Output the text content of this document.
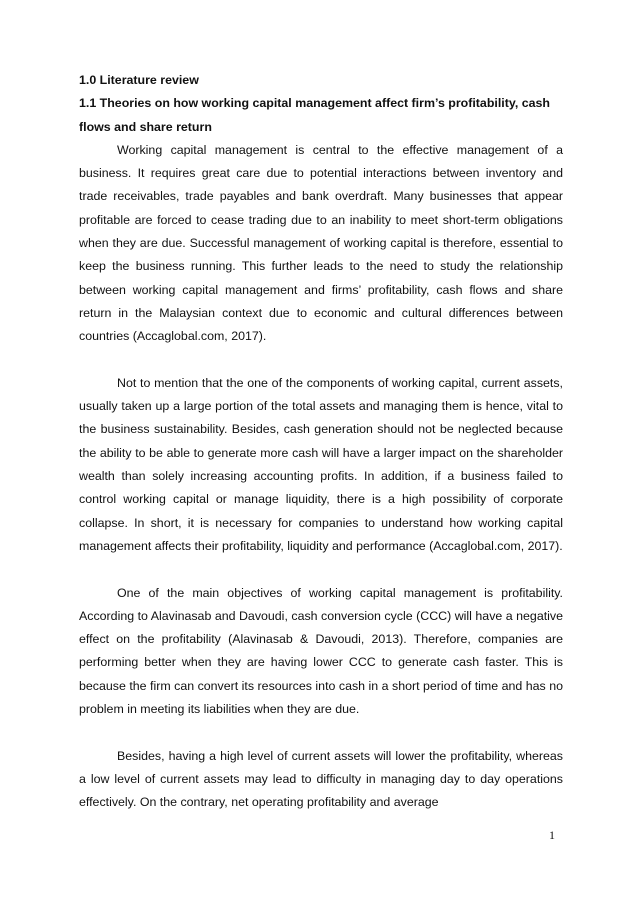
1.0 Literature review

1.1 Theories on how working capital management affect firm’s profitability, cash flows and share return

Working capital management is central to the effective management of a business. It requires great care due to potential interactions between inventory and trade receivables, trade payables and bank overdraft. Many businesses that appear profitable are forced to cease trading due to an inability to meet short-term obligations when they are due. Successful management of working capital is therefore, essential to keep the business running. This further leads to the need to study the relationship between working capital management and firms’ profitability, cash flows and share return in the Malaysian context due to economic and cultural differences between countries (Accaglobal.com, 2017).

Not to mention that the one of the components of working capital, current assets, usually taken up a large portion of the total assets and managing them is hence, vital to the business sustainability. Besides, cash generation should not be neglected because the ability to be able to generate more cash will have a larger impact on the shareholder wealth than solely increasing accounting profits. In addition, if a business failed to control working capital or manage liquidity, there is a high possibility of corporate collapse. In short, it is necessary for companies to understand how working capital management affects their profitability, liquidity and performance (Accaglobal.com, 2017).

One of the main objectives of working capital management is profitability. According to Alavinasab and Davoudi, cash conversion cycle (CCC) will have a negative effect on the profitability (Alavinasab & Davoudi, 2013). Therefore, companies are performing better when they are having lower CCC to generate cash faster. This is because the firm can convert its resources into cash in a short period of time and has no problem in meeting its liabilities when they are due.

Besides, having a high level of current assets will lower the profitability, whereas a low level of current assets may lead to difficulty in managing day to day operations effectively. On the contrary, net operating profitability and average

1
